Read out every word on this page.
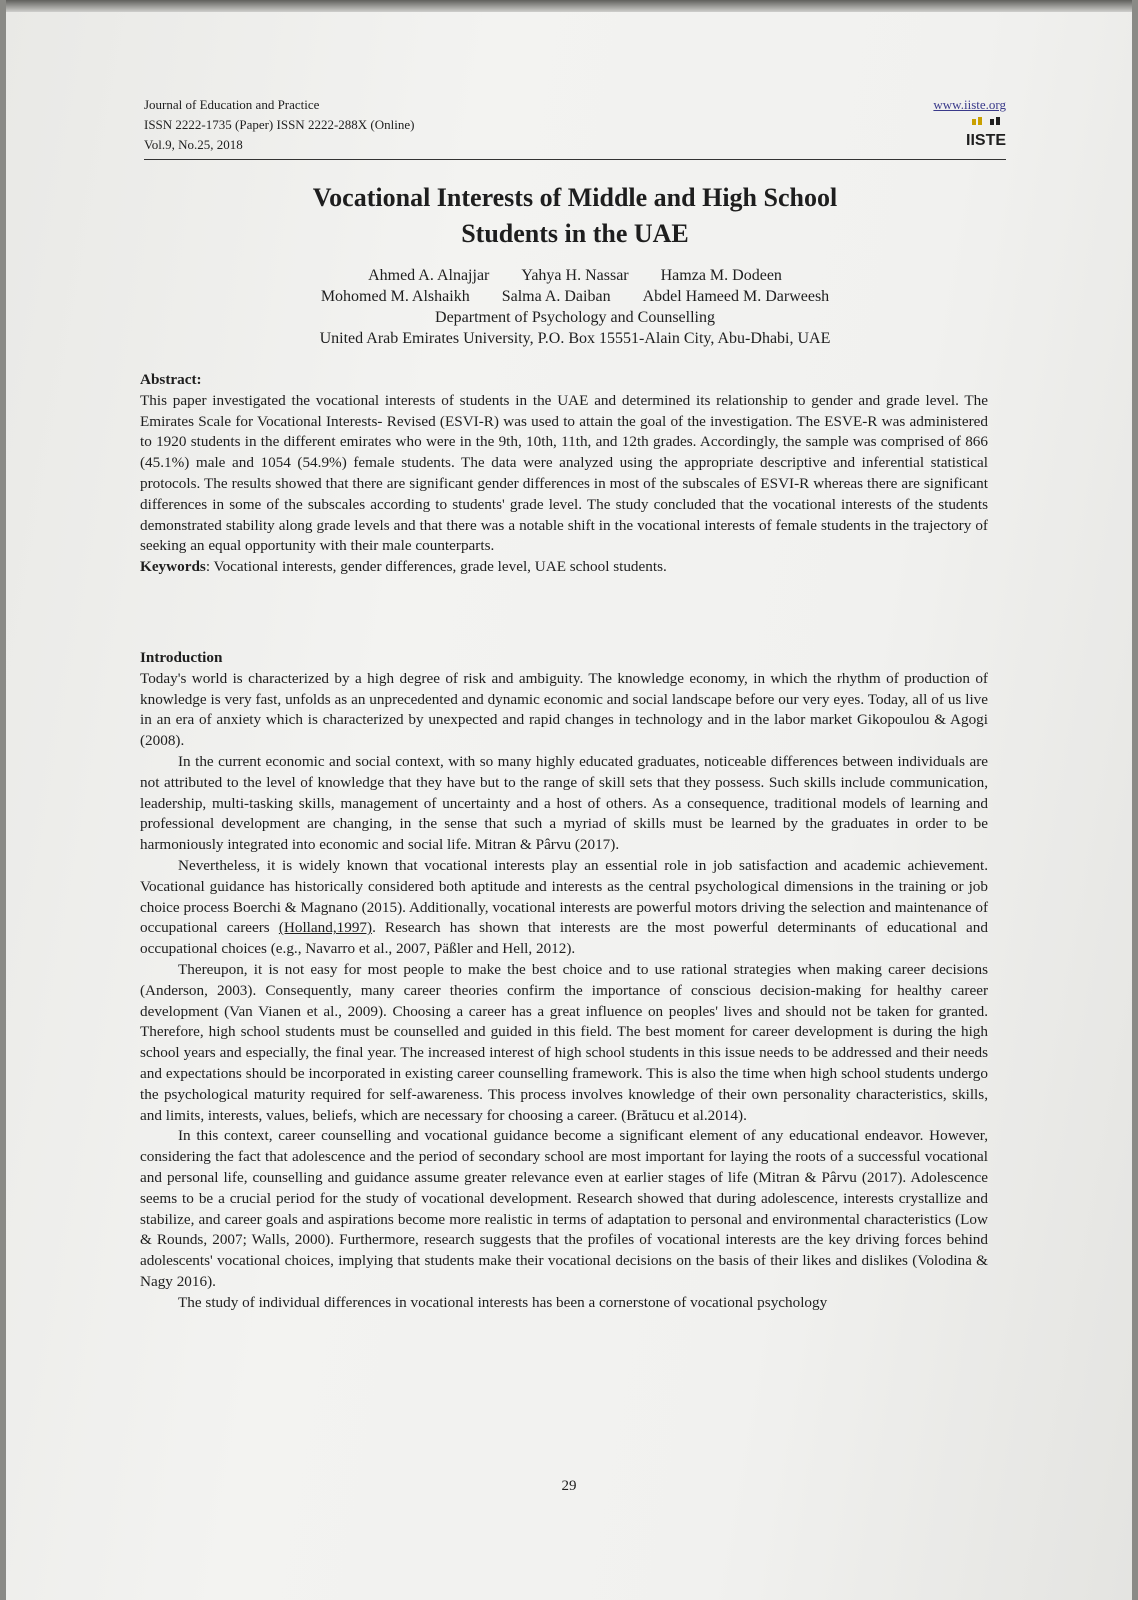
Journal of Education and Practice
ISSN 2222-1735 (Paper) ISSN 2222-288X (Online)
Vol.9, No.25, 2018
www.iiste.org
IISTE
Vocational Interests of Middle and High School
Students in the UAE
Ahmed A. Alnajjar Yahya H. Nassar Hamza M. Dodeen
Mohomed M. Alshaikh Salma A. Daiban Abdel Hameed M. Darweesh
Department of Psychology and Counselling
United Arab Emirates University, P.O. Box 15551-Alain City, Abu-Dhabi, UAE
Abstract:

This paper investigated the vocational interests of students in the UAE and determined its relationship to gender and grade level. The Emirates Scale for Vocational Interests- Revised (ESVI-R) was used to attain the goal of the investigation. The ESVE-R was administered to 1920 students in the different emirates who were in the 9th, 10th, 11th, and 12th grades. Accordingly, the sample was comprised of 866 (45.1%) male and 1054 (54.9%) female students. The data were analyzed using the appropriate descriptive and inferential statistical protocols. The results showed that there are significant gender differences in most of the subscales of ESVI-R whereas there are significant differences in some of the subscales according to students' grade level. The study concluded that the vocational interests of the students demonstrated stability along grade levels and that there was a notable shift in the vocational interests of female students in the trajectory of seeking an equal opportunity with their male counterparts.

Keywords: Vocational interests, gender differences, grade level, UAE school students.

Introduction

Today's world is characterized by a high degree of risk and ambiguity. The knowledge economy, in which the rhythm of production of knowledge is very fast, unfolds as an unprecedented and dynamic economic and social landscape before our very eyes. Today, all of us live in an era of anxiety which is characterized by unexpected and rapid changes in technology and in the labor market Gikopoulou & Agogi (2008).

In the current economic and social context, with so many highly educated graduates, noticeable differences between individuals are not attributed to the level of knowledge that they have but to the range of skill sets that they possess. Such skills include communication, leadership, multi-tasking skills, management of uncertainty and a host of others. As a consequence, traditional models of learning and professional development are changing, in the sense that such a myriad of skills must be learned by the graduates in order to be harmoniously integrated into economic and social life. Mitran & Pârvu (2017).

Nevertheless, it is widely known that vocational interests play an essential role in job satisfaction and academic achievement. Vocational guidance has historically considered both aptitude and interests as the central psychological dimensions in the training or job choice process Boerchi & Magnano (2015). Additionally, vocational interests are powerful motors driving the selection and maintenance of occupational careers (Holland,1997). Research has shown that interests are the most powerful determinants of educational and occupational choices (e.g., Navarro et al., 2007, Päßler and Hell, 2012).

Thereupon, it is not easy for most people to make the best choice and to use rational strategies when making career decisions (Anderson, 2003). Consequently, many career theories confirm the importance of conscious decision-making for healthy career development (Van Vianen et al., 2009). Choosing a career has a great influence on peoples' lives and should not be taken for granted. Therefore, high school students must be counselled and guided in this field. The best moment for career development is during the high school years and especially, the final year. The increased interest of high school students in this issue needs to be addressed and their needs and expectations should be incorporated in existing career counselling framework. This is also the time when high school students undergo the psychological maturity required for self-awareness. This process involves knowledge of their own personality characteristics, skills, and limits, interests, values, beliefs, which are necessary for choosing a career. (Brătucu et al.2014).

In this context, career counselling and vocational guidance become a significant element of any educational endeavor. However, considering the fact that adolescence and the period of secondary school are most important for laying the roots of a successful vocational and personal life, counselling and guidance assume greater relevance even at earlier stages of life (Mitran & Pârvu (2017). Adolescence seems to be a crucial period for the study of vocational development. Research showed that during adolescence, interests crystallize and stabilize, and career goals and aspirations become more realistic in terms of adaptation to personal and environmental characteristics (Low & Rounds, 2007; Walls, 2000). Furthermore, research suggests that the profiles of vocational interests are the key driving forces behind adolescents' vocational choices, implying that students make their vocational decisions on the basis of their likes and dislikes (Volodina & Nagy 2016).

The study of individual differences in vocational interests has been a cornerstone of vocational psychology

29
